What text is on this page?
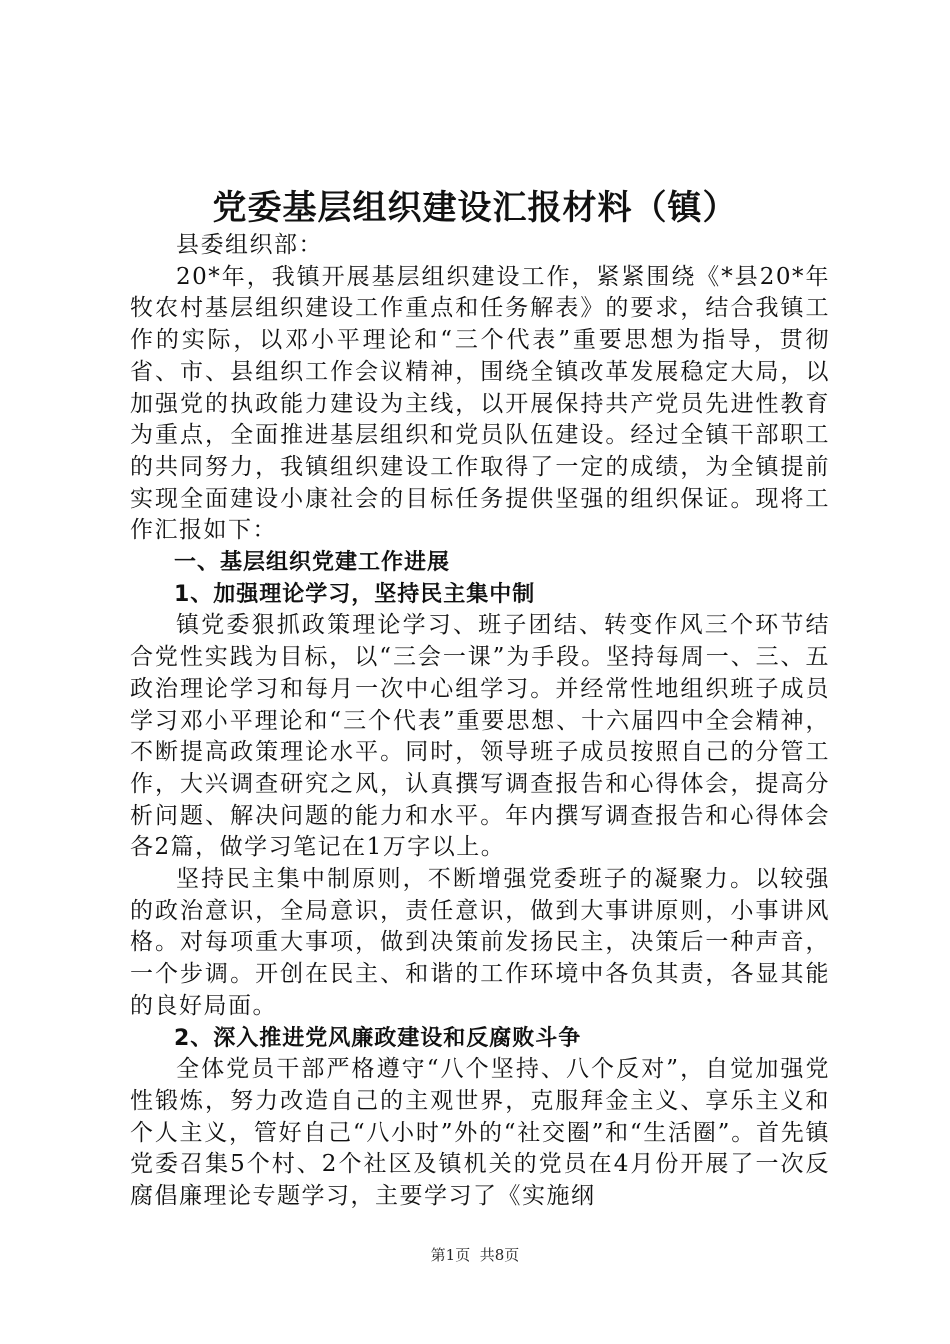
党委基层组织建设汇报材料（镇）

县委组织部：

20*年，我镇开展基层组织建设工作，紧紧围绕《*县20*年牧农村基层组织建设工作重点和任务解表》的要求，结合我镇工作的实际，以邓小平理论和“三个代表”重要思想为指导，贯彻省、市、县组织工作会议精神，围绕全镇改革发展稳定大局，以加强党的执政能力建设为主线，以开展保持共产党员先进性教育为重点，全面推进基层组织和党员队伍建设。经过全镇干部职工的共同努力，我镇组织建设工作取得了一定的成绩，为全镇提前实现全面建设小康社会的目标任务提供坚强的组织保证。现将工作汇报如下：

一、基层组织党建工作进展

1、加强理论学习，坚持民主集中制

镇党委狠抓政策理论学习、班子团结、转变作风三个环节结合党性实践为目标，以“三会一课”为手段。坚持每周一、三、五政治理论学习和每月一次中心组学习。并经常性地组织班子成员学习邓小平理论和“三个代表”重要思想、十六届四中全会精神，不断提高政策理论水平。同时，领导班子成员按照自己的分管工作，大兴调查研究之风，认真撰写调查报告和心得体会，提高分析问题、解决问题的能力和水平。年内撰写调查报告和心得体会各2篇，做学习笔记在1万字以上。

坚持民主集中制原则，不断增强党委班子的凝聚力。以较强的政治意识，全局意识，责任意识，做到大事讲原则，小事讲风格。对每项重大事项，做到决策前发扬民主，决策后一种声音，一个步调。开创在民主、和谐的工作环境中各负其责，各显其能的良好局面。

2、深入推进党风廉政建设和反腐败斗争

全体党员干部严格遵守“八个坚持、八个反对”，自觉加强党性锻炼，努力改造自己的主观世界，克服拜金主义、享乐主义和个人主义，管好自己“八小时”外的“社交圈”和“生活圈”。首先镇党委召集5个村、2个社区及镇机关的党员在4月份开展了一次反腐倡廉理论专题学习，主要学习了《实施纲

第1页 共8页
